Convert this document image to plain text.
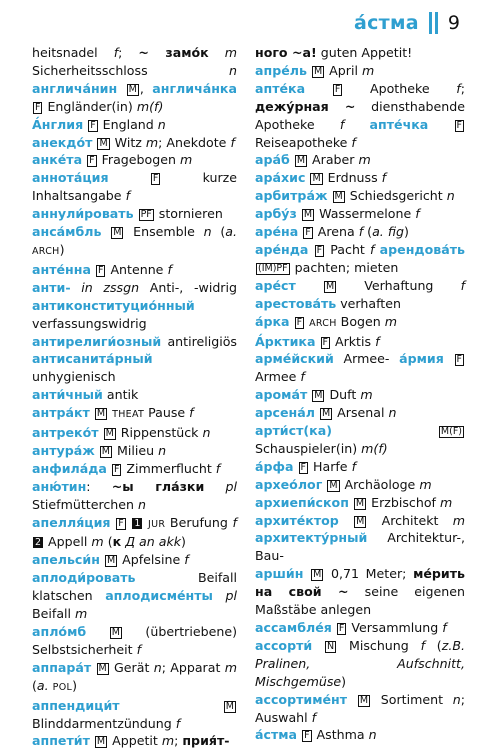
áстма 9

heitsnadel f; ~ замо́к m Sicherheitsschloss n англича́нин M , англича́нка F Engländer(in) m(f)

А́нглия F England n

анекдо́т M Witz m; Anekdote f

анке́та F Fragebogen m

аннота́ция	F kurze Inhaltsangabe f

аннули́ровать PF stornieren

анса́мбль M Ensemble n (a. ARCH)

анте́нна F Antenne f

анти- in zssgn Anti-, -widrig антиконституцио́нный verfassungswidrig антирелиги́озный antireligiös антисанита́рный unhygienisch

анти́чный antik

антра́кт M THEAT Pause f

антреко́т M Rippenstück n

антура́ж M Milieu n

анфила́да F Zimmerflucht f

аню́тин: ~ы гла́зки pl Stiefmütterchen n

апелля́ция F 1 JUR Berufung f 2 Appell m (к Д an akk)

апельси́н M Apfelsine f

аплоди́ровать Beifall klatschen аплодисме́нты pl Beifall m

апло́мб	M (übertriebene) Selbstsicherheit f

аппара́т M Gerät n; Apparat m (a. POL)

аппендици́т	M Blinddarmentzündung f

аппети́т M Appetit m; прия́т-

ного ~а! guten Appetit!

апре́ль M April m

апте́ка	F Apotheke f; дежу́рная ~ diensthabende Apotheke f апте́чка	F Reiseapotheke f

ара́б M Araber m

ара́хис M Erdnuss f

арбитра́ж M Schiedsgericht n

арбу́з M Wassermelone f

аре́на F Arena f (a. fig)

аре́нда F Pacht f арендова́ть (IM)PF pachten; mieten

аре́ст	M Verhaftung f арестова́ть verhaften

а́рка F ARCH Bogen m

А́рктика F Arktis f

арме́йский Armee- а́рмия F Armee f

арома́т M Duft m

арсена́л M Arsenal n

арти́ст(ка)	M(F) Schauspieler(in) m(f)

а́рфа F Harfe f

архео́лог M Archäologe m

архиепи́скоп M Erzbischof m

архите́ктор M Architekt m архитекту́рный Architektur-, Bau-

арши́н M 0,71 Meter; ме́рить на свой ~ seine eigenen Maßstäbe anlegen

ассамбле́я F Versammlung f

ассорти́ N Mischung f (z.B. Pralinen, Aufschnitt, Mischgemüse)

ассортиме́нт M Sortiment n; Auswahl f

а́стма F Asthma n
